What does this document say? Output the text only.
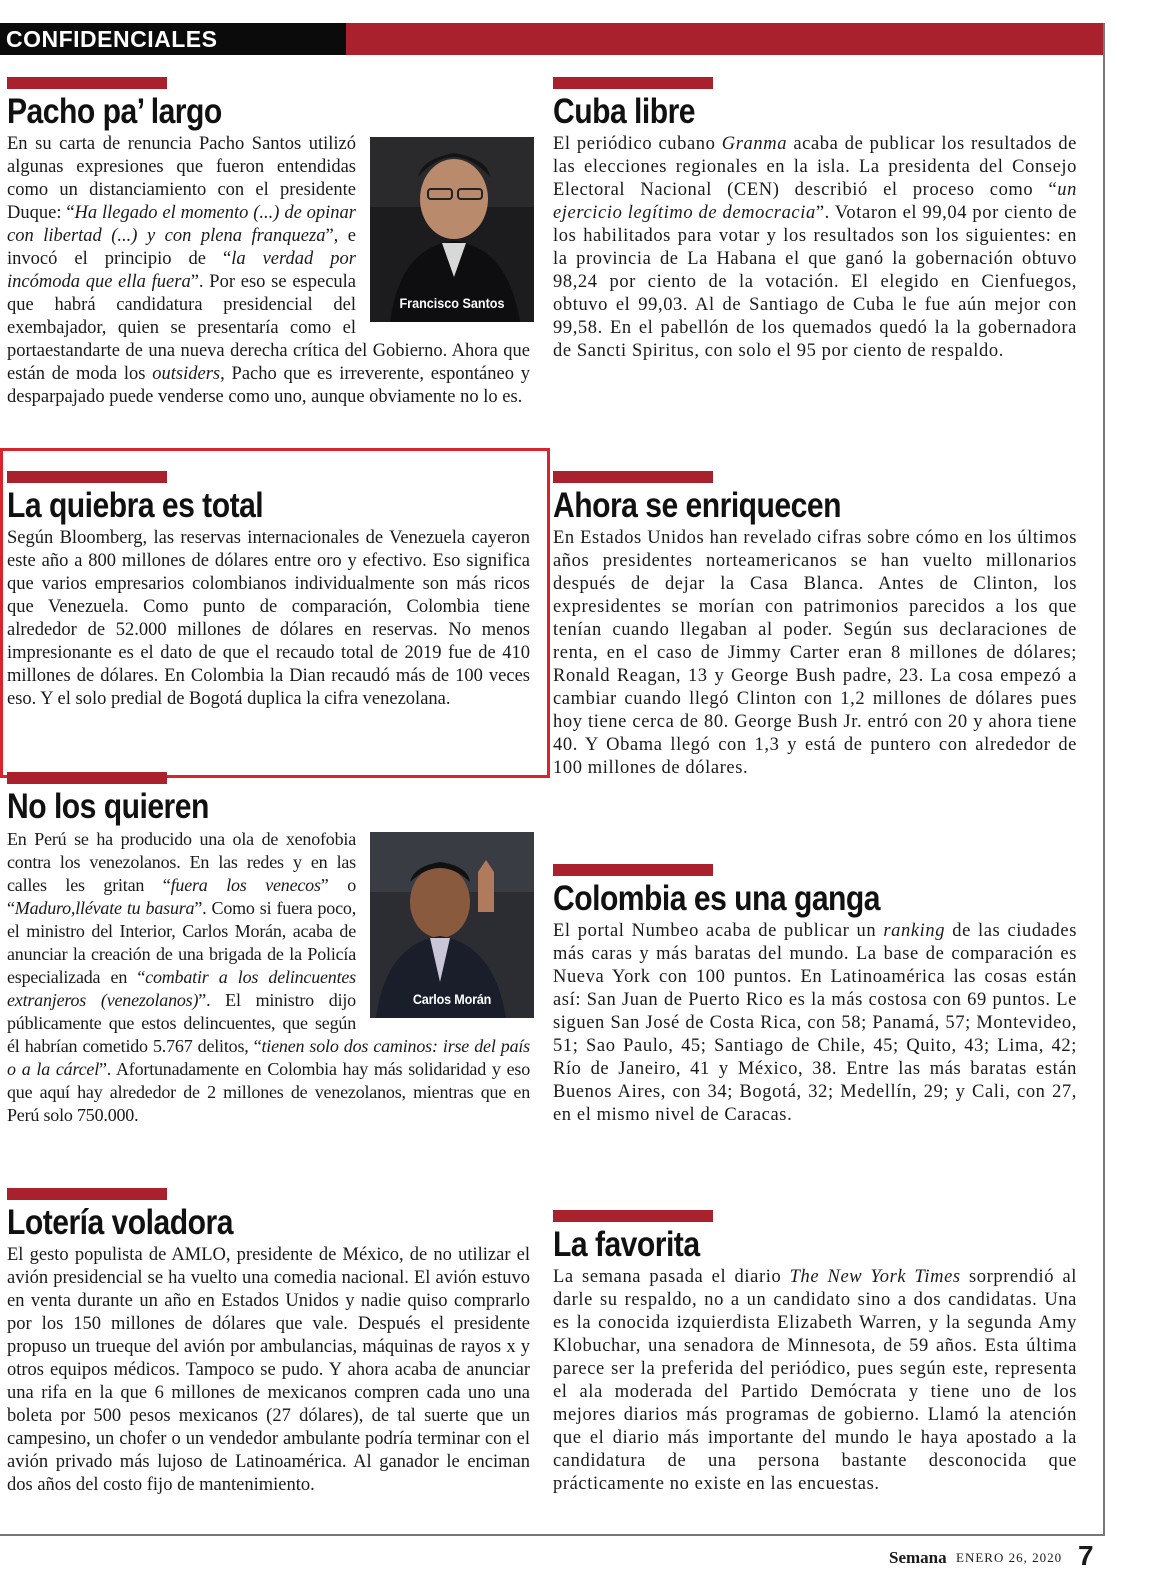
CONFIDENCIALES
Pacho pa’ largo
Francisco Santos
En su carta de renuncia Pacho Santos utilizó algunas expresiones que fueron entendidas como un distanciamiento con el presidente Duque: “Ha llegado el momento (...) de opinar con libertad (...) y con plena franqueza”, e invocó el principio de “la verdad por incómoda que ella fuera”. Por eso se especula que habrá candidatura presidencial del exembajador, quien se presentaría como el portaestandarte de una nueva derecha crítica del Gobierno. Ahora que están de moda los outsiders, Pacho que es irreverente, espontáneo y desparpajado puede venderse como uno, aunque obviamente no lo es.
Cuba libre
El periódico cubano Granma acaba de publicar los resultados de las elecciones regionales en la isla. La presidenta del Consejo Electoral Nacional (CEN) describió el proceso como “un ejercicio legítimo de democracia”. Votaron el 99,04 por ciento de los habilitados para votar y los resultados son los siguientes: en la provincia de La Habana el que ganó la gobernación obtuvo 98,24 por ciento de la votación. El elegido en Cienfuegos, obtuvo el 99,03. Al de Santiago de Cuba le fue aún mejor con 99,58. En el pabellón de los quemados quedó la la gobernadora de Sancti Spiritus, con solo el 95 por ciento de respaldo.
La quiebra es total
Según Bloomberg, las reservas internacionales de Venezuela cayeron este año a 800 millones de dólares entre oro y efectivo. Eso significa que varios empresarios colombianos individualmente son más ricos que Venezuela. Como punto de comparación, Colombia tiene alrededor de 52.000 millones de dólares en reservas. No menos impresionante es el dato de que el recaudo total de 2019 fue de 410 millones de dólares. En Colombia la Dian recaudó más de 100 veces eso. Y el solo predial de Bogotá duplica la cifra venezolana.
Ahora se enriquecen
En Estados Unidos han revelado cifras sobre cómo en los últimos años presidentes norteamericanos se han vuelto millonarios después de dejar la Casa Blanca. Antes de Clinton, los expresidentes se morían con patrimonios parecidos a los que tenían cuando llegaban al poder. Según sus declaraciones de renta, en el caso de Jimmy Carter eran 8 millones de dólares; Ronald Reagan, 13 y George Bush padre, 23. La cosa empezó a cambiar cuando llegó Clinton con 1,2 millones de dólares pues hoy tiene cerca de 80. George Bush Jr. entró con 20 y ahora tiene 40. Y Obama llegó con 1,3 y está de puntero con alrededor de 100 millones de dólares.
No los quieren
Carlos Morán
En Perú se ha producido una ola de xenofobia contra los venezolanos. En las redes y en las calles les gritan “fuera los venecos” o “Maduro,llévate tu basura”. Como si fuera poco, el ministro del Interior, Carlos Morán, acaba de anunciar la creación de una brigada de la Policía especializada en “combatir a los delincuentes extranjeros (venezolanos)”. El ministro dijo públicamente que estos delincuentes, que según él habrían cometido 5.767 delitos, “tienen solo dos caminos: irse del país o a la cárcel”. Afortunadamente en Colombia hay más solidaridad y eso que aquí hay alrededor de 2 millones de venezolanos, mientras que en Perú solo 750.000.
Colombia es una ganga
El portal Numbeo acaba de publicar un ranking de las ciudades más caras y más baratas del mundo. La base de comparación es Nueva York con 100 puntos. En Latinoamérica las cosas están así: San Juan de Puerto Rico es la más costosa con 69 puntos. Le siguen San José de Costa Rica, con 58; Panamá, 57; Montevideo, 51; Sao Paulo, 45; Santiago de Chile, 45; Quito, 43; Lima, 42; Río de Janeiro, 41 y México, 38. Entre las más baratas están Buenos Aires, con 34; Bogotá, 32; Medellín, 29; y Cali, con 27, en el mismo nivel de Caracas.
Lotería voladora
El gesto populista de AMLO, presidente de México, de no utilizar el avión presidencial se ha vuelto una comedia nacional. El avión estuvo en venta durante un año en Estados Unidos y nadie quiso comprarlo por los 150 millones de dólares que vale. Después el presidente propuso un trueque del avión por ambulancias, máquinas de rayos x y otros equipos médicos. Tampoco se pudo. Y ahora acaba de anunciar una rifa en la que 6 millones de mexicanos compren cada uno una boleta por 500 pesos mexicanos (27 dólares), de tal suerte que un campesino, un chofer o un vendedor ambulante podría terminar con el avión privado más lujoso de Latinoamérica. Al ganador le enciman dos años del costo fijo de mantenimiento.
La favorita
La semana pasada el diario The New York Times sorprendió al darle su respaldo, no a un candidato sino a dos candidatas. Una es la conocida izquierdista Elizabeth Warren, y la segunda Amy Klobuchar, una senadora de Minnesota, de 59 años. Esta última parece ser la preferida del periódico, pues según este, representa el ala moderada del Partido Demócrata y tiene uno de los mejores diarios más programas de gobierno. Llamó la atención que el diario más importante del mundo le haya apostado a la candidatura de una persona bastante desconocida que prácticamente no existe en las encuestas.
Semana ENERO 26, 2020 7
